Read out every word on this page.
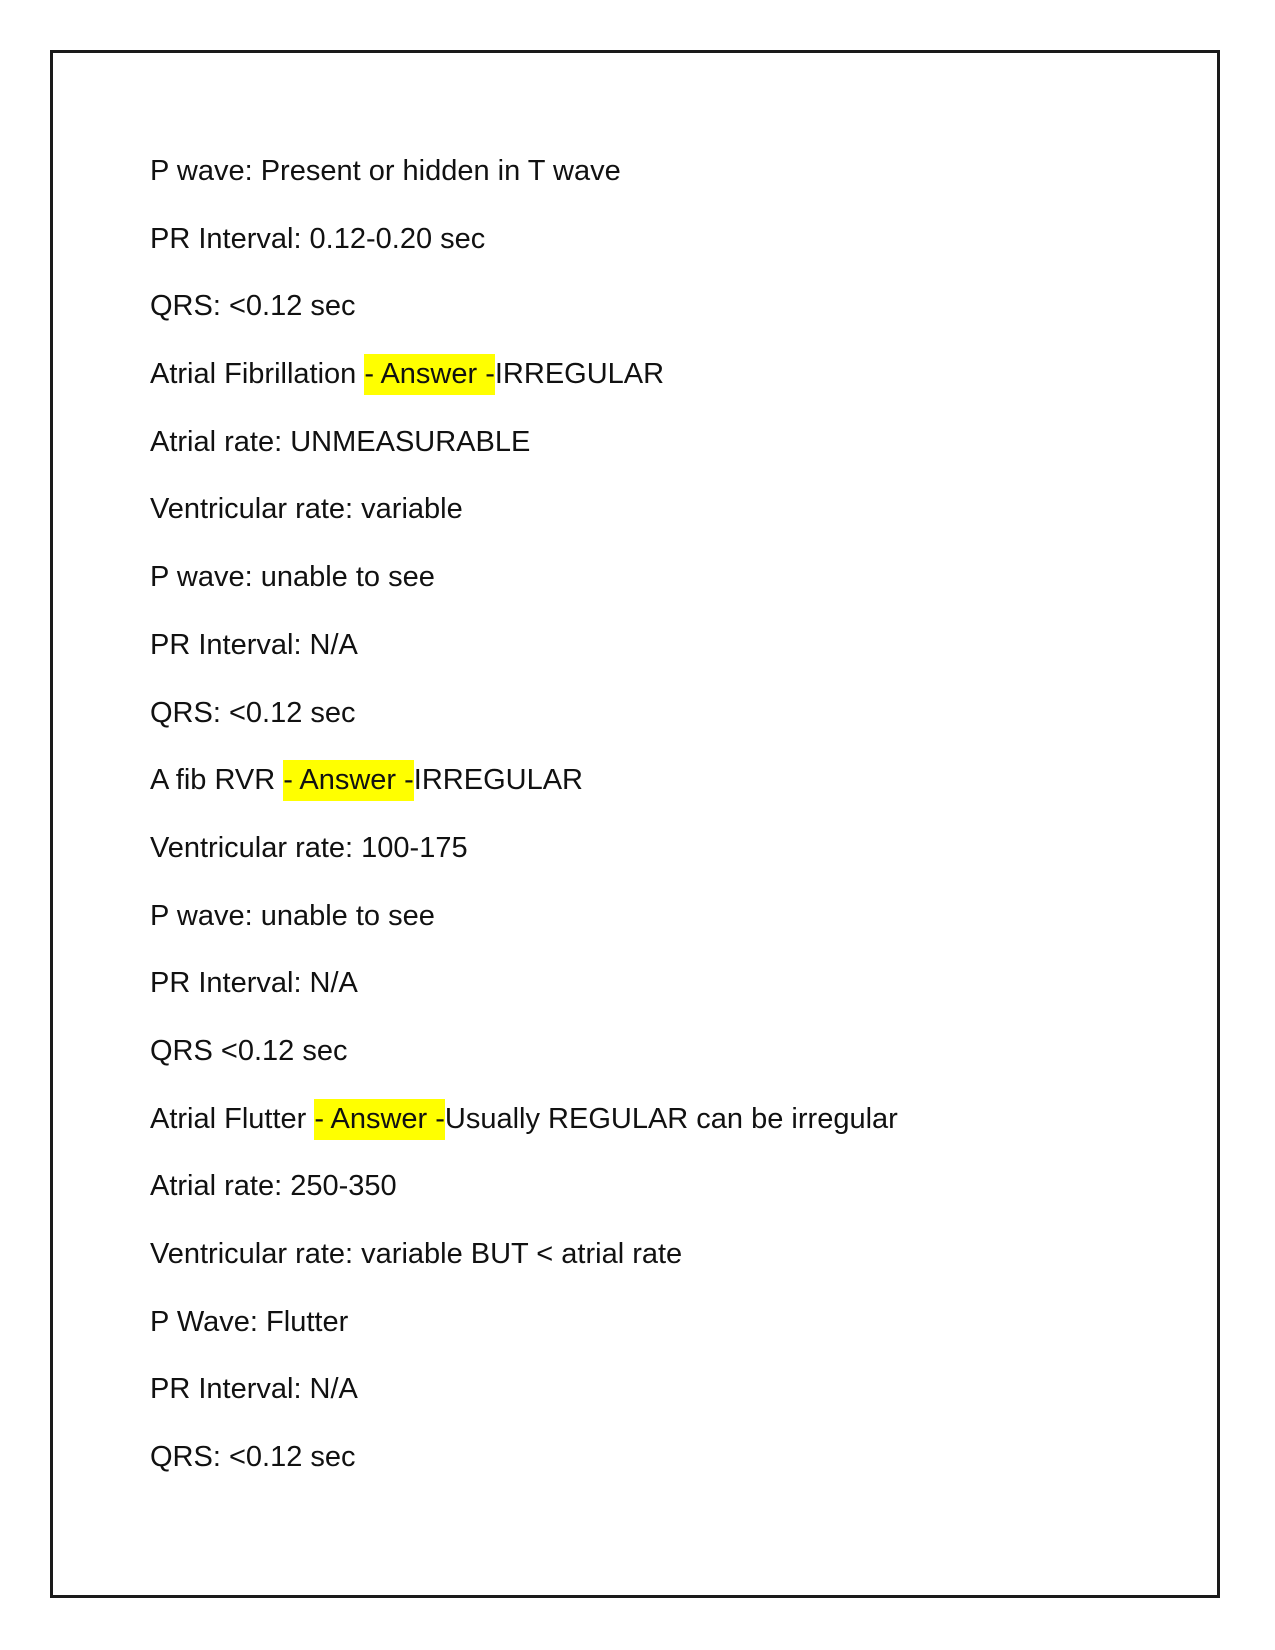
P wave: Present or hidden in T wave
PR Interval: 0.12-0.20 sec
QRS: <0.12 sec
Atrial Fibrillation - Answer -IRREGULAR
Atrial rate: UNMEASURABLE
Ventricular rate: variable
P wave: unable to see
PR Interval: N/A
QRS: <0.12 sec
A fib RVR - Answer -IRREGULAR
Ventricular rate: 100-175
P wave: unable to see
PR Interval: N/A
QRS <0.12 sec
Atrial Flutter - Answer -Usually REGULAR can be irregular
Atrial rate: 250-350
Ventricular rate: variable BUT < atrial rate
P Wave: Flutter
PR Interval: N/A
QRS: <0.12 sec
